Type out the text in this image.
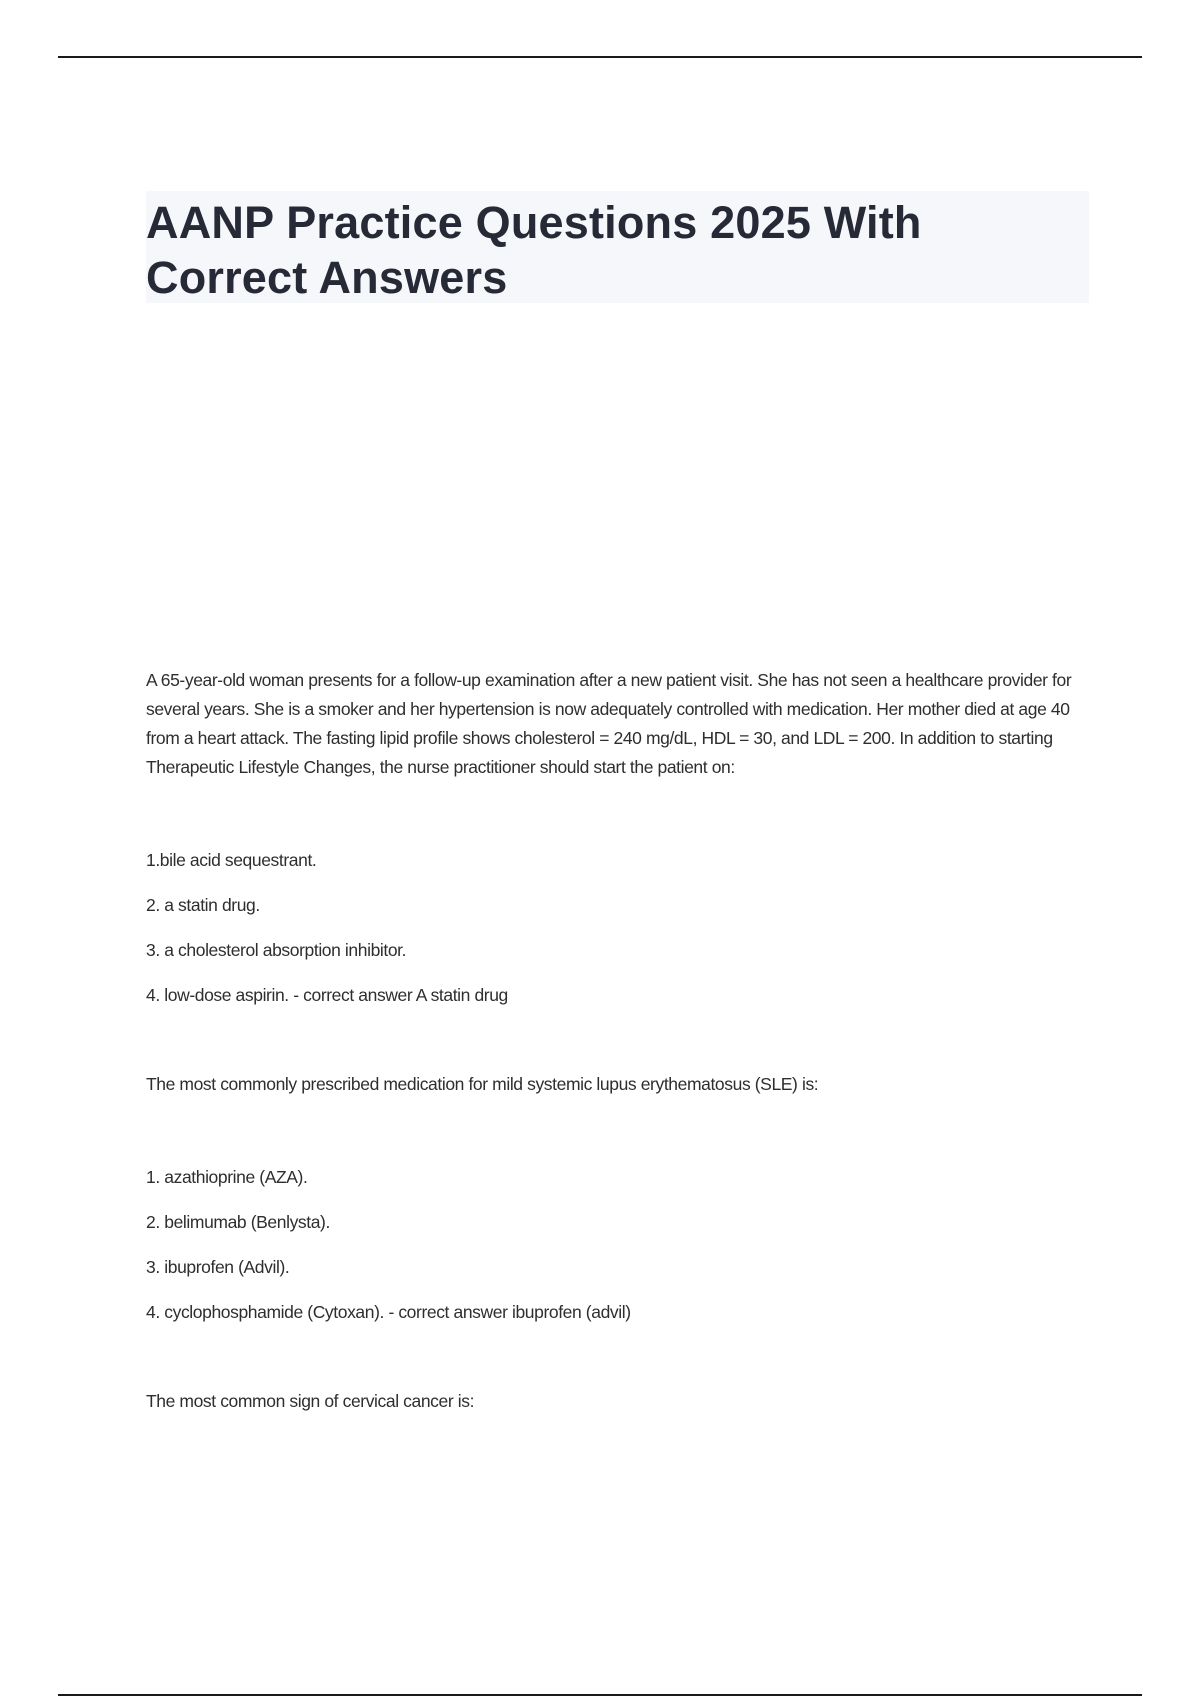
AANP Practice Questions 2025 With Correct Answers

A 65-year-old woman presents for a follow-up examination after a new patient visit. She has not seen a healthcare provider for several years. She is a smoker and her hypertension is now adequately controlled with medication. Her mother died at age 40 from a heart attack. The fasting lipid profile shows cholesterol = 240 mg/dL, HDL = 30, and LDL = 200. In addition to starting Therapeutic Lifestyle Changes, the nurse practitioner should start the patient on:

1.bile acid sequestrant.
2. a statin drug.
3. a cholesterol absorption inhibitor.
4. low-dose aspirin. - correct answer A statin drug

The most commonly prescribed medication for mild systemic lupus erythematosus (SLE) is:

1. azathioprine (AZA).
2. belimumab (Benlysta).
3. ibuprofen (Advil).
4. cyclophosphamide (Cytoxan). - correct answer ibuprofen (advil)

The most common sign of cervical cancer is:
